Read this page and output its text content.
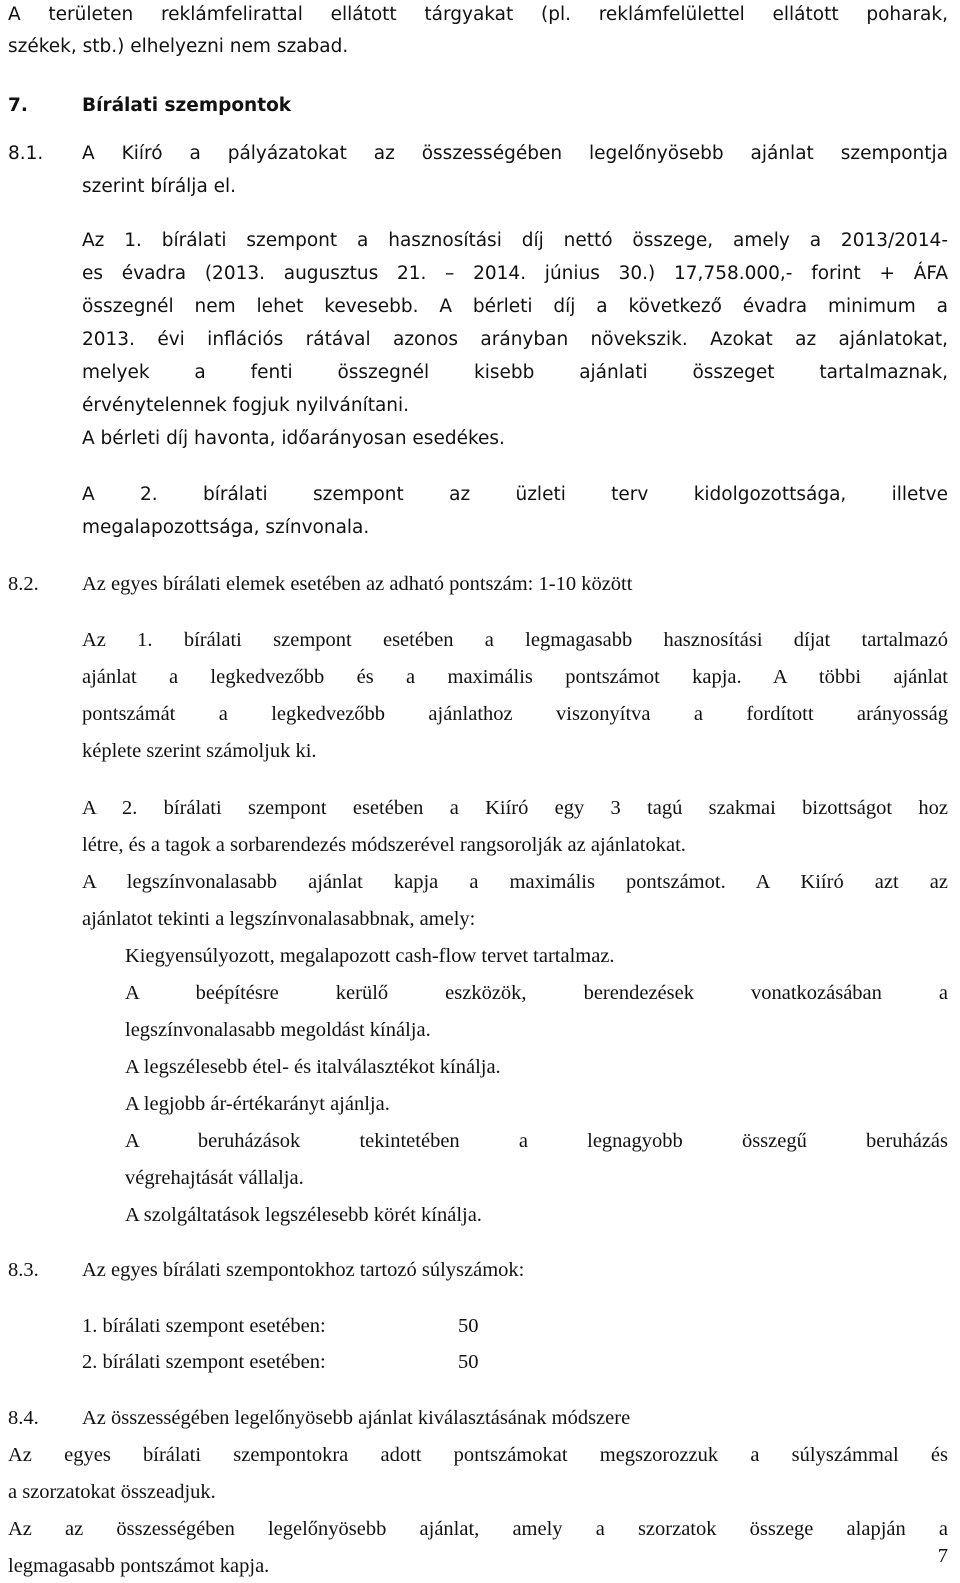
A területen reklámfelirattal ellátott tárgyakat (pl. reklámfelülettel ellátott poharak,
székek, stb.) elhelyezni nem szabad.
7.	Bírálati szempontok
8.1. A Kiíró a pályázatokat az összességében legelőnyösebb ajánlat szempontja
szerint bírálja el.
Az 1. bírálati szempont a hasznosítási díj nettó összege, amely a 2013/2014-
es évadra (2013. augusztus 21. – 2014. június 30.) 17,758.000,- forint + ÁFA
összegnél nem lehet kevesebb. A bérleti díj a következő évadra minimum a
2013. évi inflációs rátával azonos arányban növekszik. Azokat az ajánlatokat,
melyek a fenti összegnél kisebb ajánlati összeget tartalmaznak,
érvénytelennek fogjuk nyilvánítani.
A bérleti díj havonta, időarányosan esedékes.
A 2. bírálati szempont az üzleti terv kidolgozottsága, illetve
megalapozottsága, színvonala.
8.2. Az egyes bírálati elemek esetében az adható pontszám: 1-10 között
Az 1. bírálati szempont esetében a legmagasabb hasznosítási díjat tartalmazó
ajánlat a legkedvezőbb és a maximális pontszámot kapja. A többi ajánlat
pontszámát a legkedvezőbb ajánlathoz viszonyítva a fordított arányosság
képlete szerint számoljuk ki.
A 2. bírálati szempont esetében a Kiíró egy 3 tagú szakmai bizottságot hoz
létre, és a tagok a sorbarendezés módszerével rangsorolják az ajánlatokat.
A legszínvonalasabb ajánlat kapja a maximális pontszámot. A Kiíró azt az
ajánlatot tekinti a legszínvonalasabbnak, amely:
Kiegyensúlyozott, megalapozott cash-flow tervet tartalmaz.
A beépítésre kerülő eszközök, berendezések vonatkozásában a
legszínvonalasabb megoldást kínálja.
A legszélesebb étel- és italválasztékot kínálja.
A legjobb ár-értékarányt ajánlja.
A beruházások tekintetében a legnagyobb összegű beruházás
végrehajtását vállalja.
A szolgáltatások legszélesebb körét kínálja.
8.3. Az egyes bírálati szempontokhoz tartozó súlyszámok:
1. bírálati szempont esetében:	50
2. bírálati szempont esetében:	50
8.4. Az összességében legelőnyösebb ajánlat kiválasztásának módszere
Az egyes bírálati szempontokra adott pontszámokat megszorozzuk a súlyszámmal és
a szorzatokat összeadjuk.
Az az összességében legelőnyösebb ajánlat, amely a szorzatok összege alapján a
legmagasabb pontszámot kapja.	7
